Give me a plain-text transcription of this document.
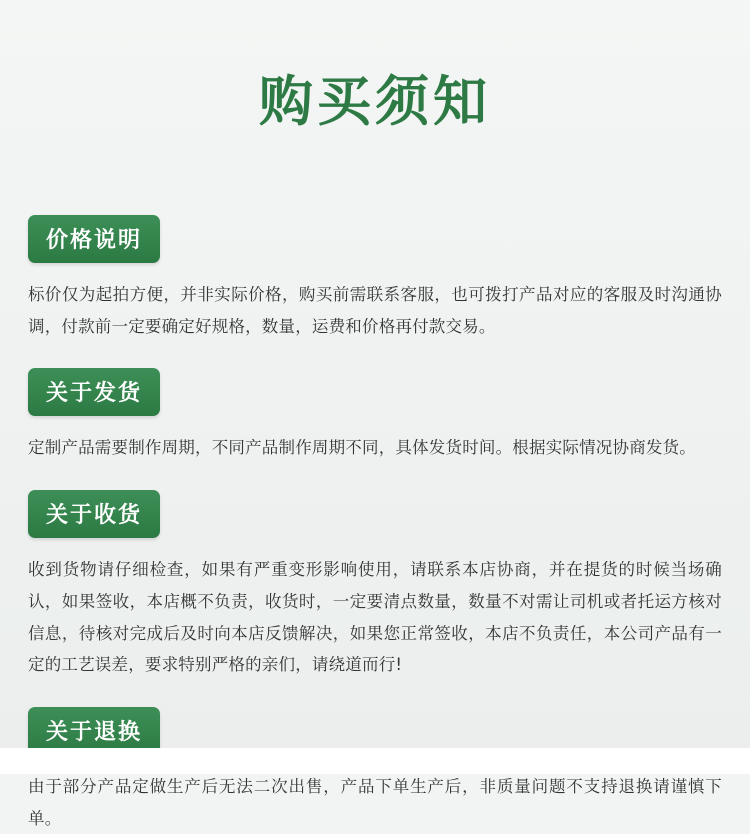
购买须知
价格说明

标价仅为起拍方便，并非实际价格，购买前需联系客服，也可拨打产品对应的客服及时沟通协调，付款前一定要确定好规格，数量，运费和价格再付款交易。

关于发货

定制产品需要制作周期，不同产品制作周期不同，具体发货时间。根据实际情况协商发货。

关于收货

收到货物请仔细检查，如果有严重变形影响使用，请联系本店协商，并在提货的时候当场确认，如果签收，本店概不负责，收货时，一定要清点数量，数量不对需让司机或者托运方核对信息，待核对完成后及时向本店反馈解决，如果您正常签收，本店不负责任，本公司产品有一定的工艺误差，要求特别严格的亲们，请绕道而行!

关于退换

由于部分产品定做生产后无法二次出售，产品下单生产后，非质量问题不支持退换请谨慎下单。
